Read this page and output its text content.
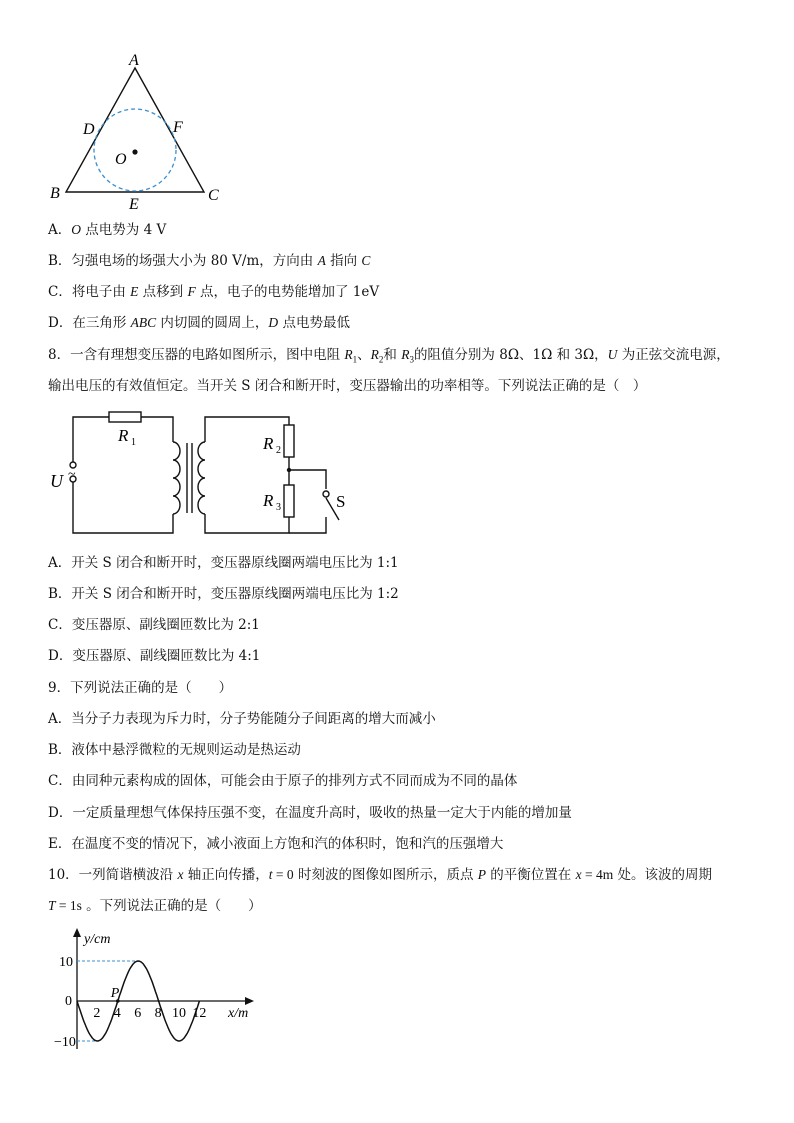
A
B	C
D
E
F
O
A．O 点电势为 4 V
B．匀强电场的场强大小为 80 V/m，方向由 A 指向 C
C．将电子由 E 点移到 F 点，电子的电势能增加了 1eV
D．在三角形 ABC 内切圆的圆周上，D 点电势最低
8．一含有理想变压器的电路如图所示，图中电阻 $R_1$、$R_2$和 $R_3$的阻值分别为 8Ω、1Ω 和 3Ω，U 为正弦交流电源，
输出电压的有效值恒定。当开关 S 闭合和断开时，变压器输出的功率相等。下列说法正确的是（　）
R 1	R 2
R 3
U ~
S
A．开关 S 闭合和断开时，变压器原线圈两端电压比为 1:1
B．开关 S 闭合和断开时，变压器原线圈两端电压比为 1:2
C．变压器原、副线圈匝数比为 2:1
D．变压器原、副线圈匝数比为 4:1
9．下列说法正确的是（　　）
A．当分子力表现为斥力时，分子势能随分子间距离的增大而减小
B．液体中悬浮微粒的无规则运动是热运动
C．由同种元素构成的固体，可能会由于原子的排列方式不同而成为不同的晶体
D．一定质量理想气体保持压强不变，在温度升高时，吸收的热量一定大于内能的增加量
E．在温度不变的情况下，减小液面上方饱和汽的体积时，饱和汽的压强增大
10．一列简谐横波沿 x 轴正向传播，t = 0 时刻波的图像如图所示，质点 P 的平衡位置在 x = 4m 处。该波的周期
T = 1s 。下列说法正确的是（　　）
y/cm
x/m
10
0
−10
2 4 6 8 10 12
P
